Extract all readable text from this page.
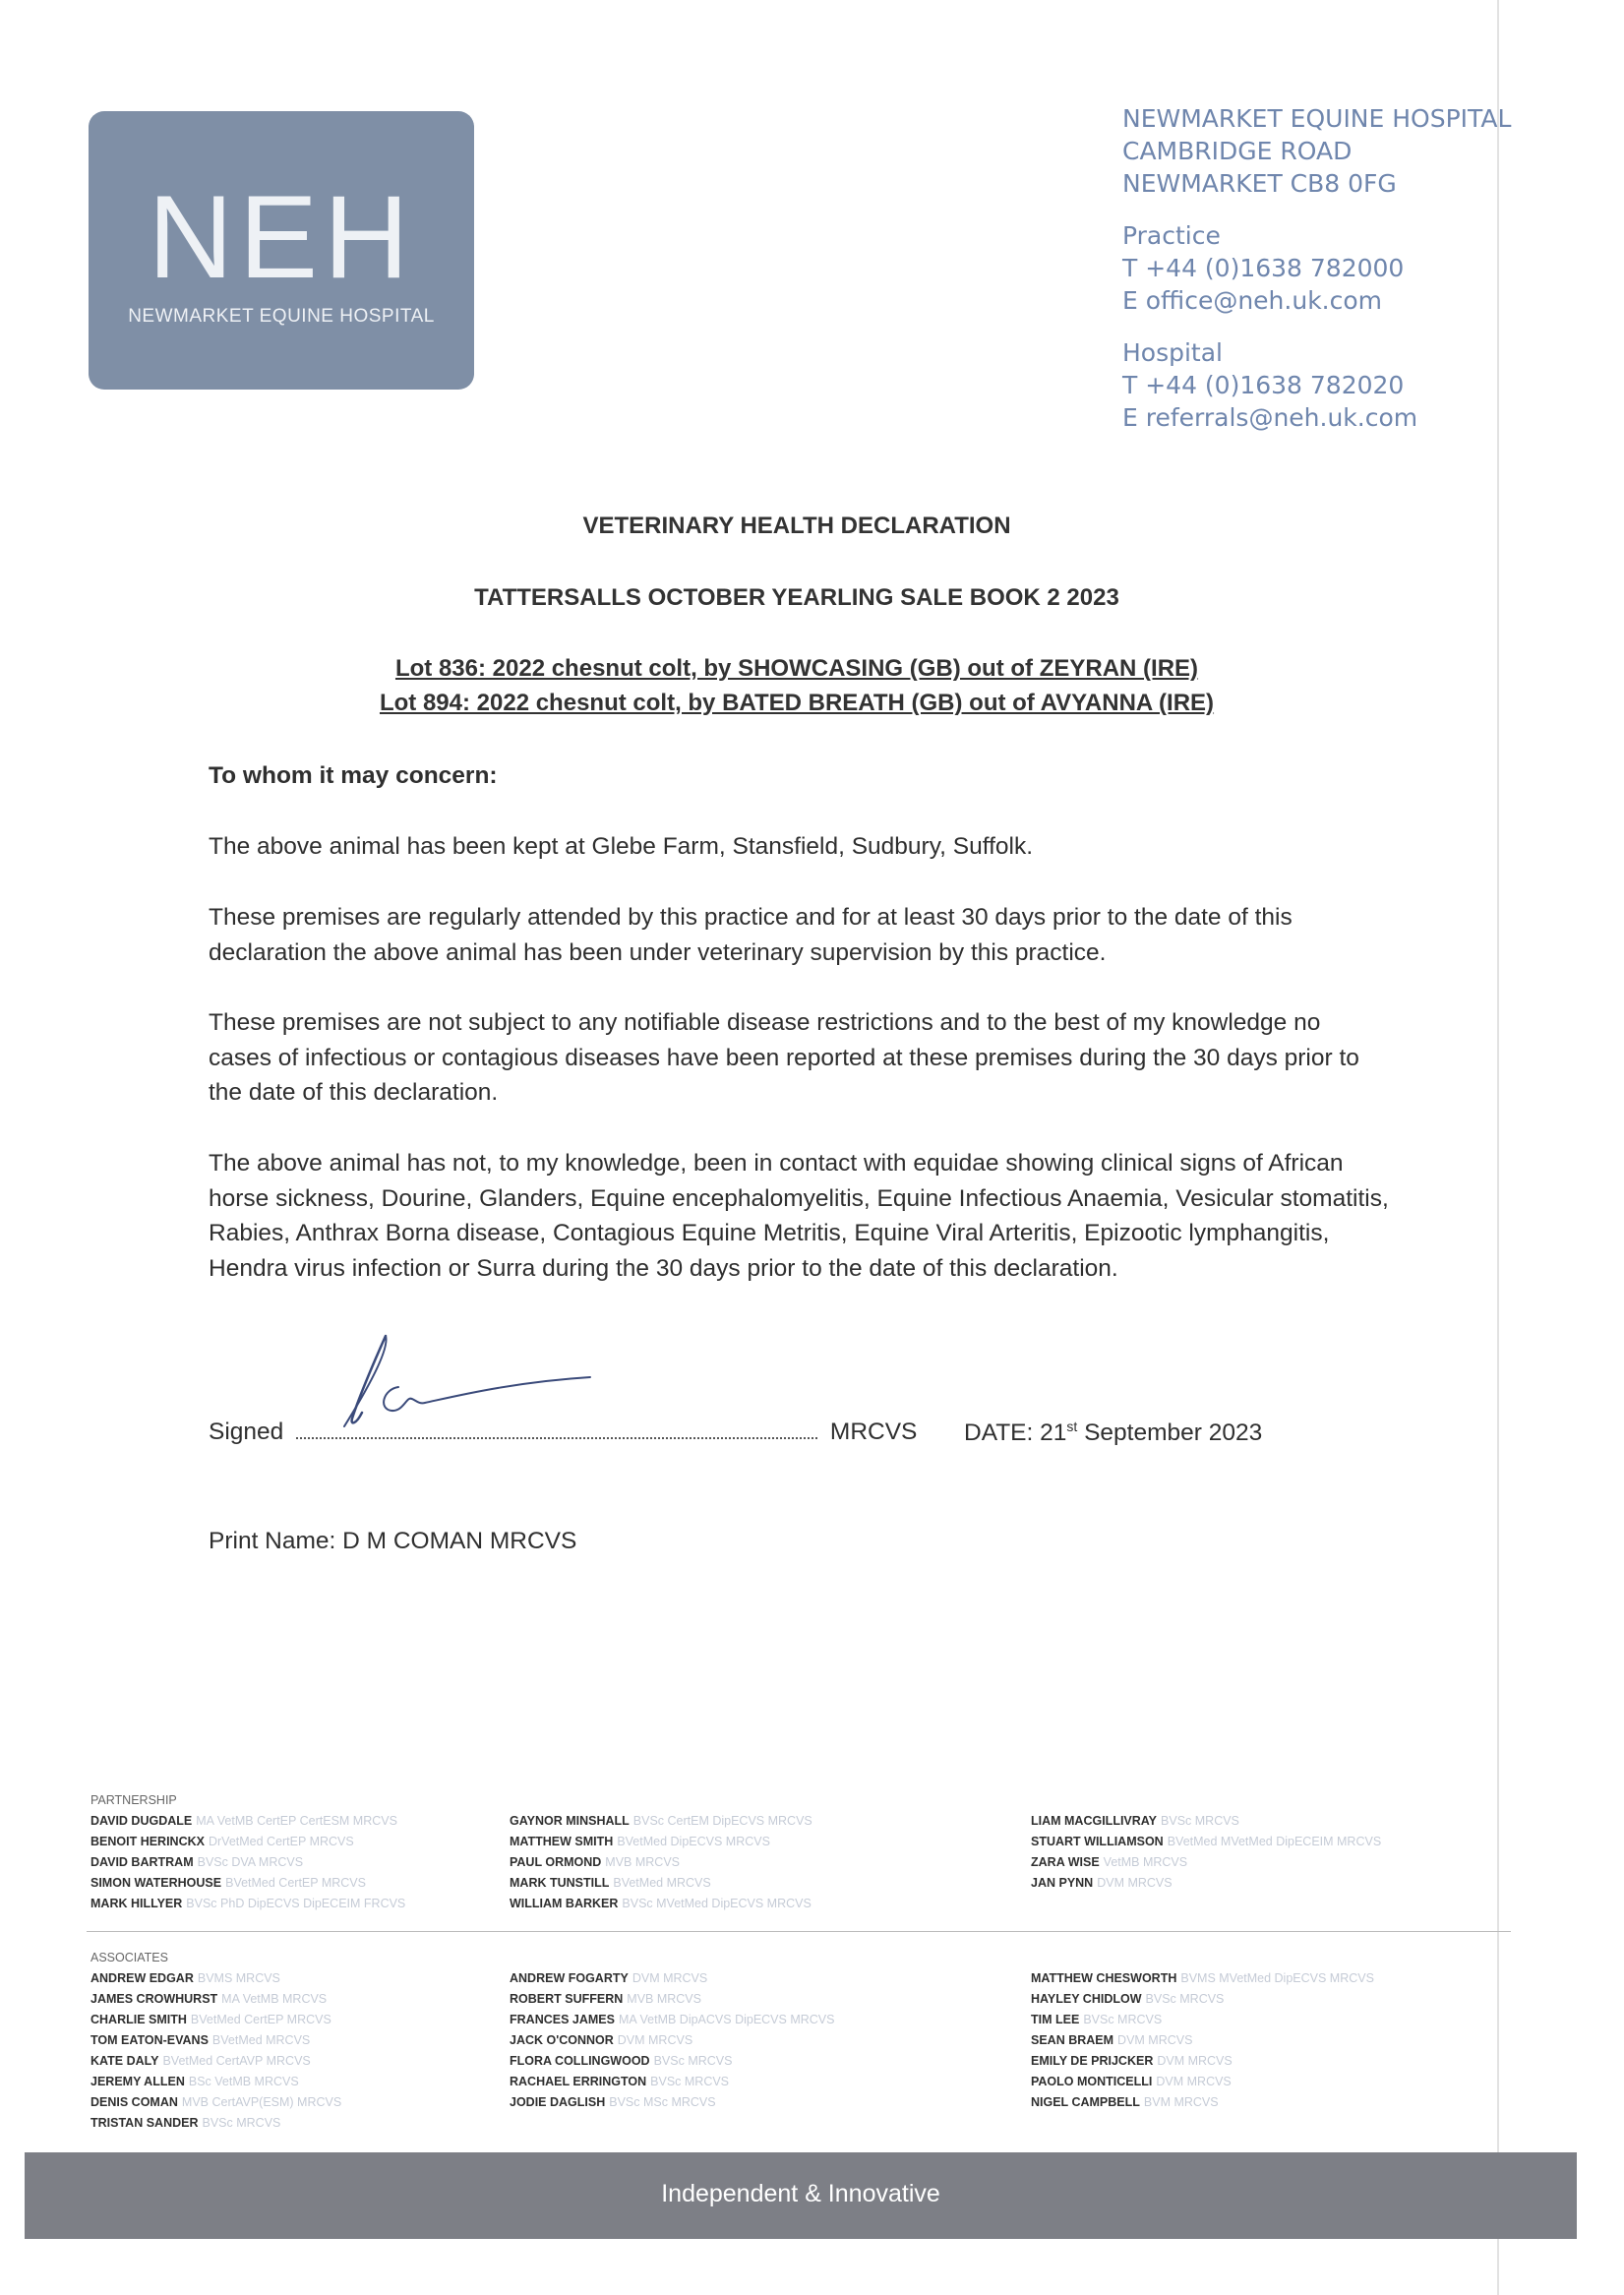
NEH
NEWMARKET EQUINE HOSPITAL
NEWMARKET EQUINE HOSPITAL
CAMBRIDGE ROAD
NEWMARKET CB8 0FG
Practice
T +44 (0)1638 782000
E office@neh.uk.com
Hospital
T +44 (0)1638 782020
E referrals@neh.uk.com
VETERINARY HEALTH DECLARATION
TATTERSALLS OCTOBER YEARLING SALE BOOK 2 2023
Lot 836: 2022 chesnut colt, by SHOWCASING (GB) out of ZEYRAN (IRE)
Lot 894: 2022 chesnut colt, by BATED BREATH (GB) out of AVYANNA (IRE)
To whom it may concern:
The above animal has been kept at Glebe Farm, Stansfield, Sudbury, Suffolk.
These premises are regularly attended by this practice and for at least 30 days prior to the date of this declaration the above animal has been under veterinary supervision by this practice.
These premises are not subject to any notifiable disease restrictions and to the best of my knowledge no cases of infectious or contagious diseases have been reported at these premises during the 30 days prior to the date of this declaration.
The above animal has not, to my knowledge, been in contact with equidae showing clinical signs of African horse sickness, Dourine, Glanders, Equine encephalomyelitis, Equine Infectious Anaemia, Vesicular stomatitis, Rabies, Anthrax Borna disease, Contagious Equine Metritis, Equine Viral Arteritis, Epizootic lymphangitis, Hendra virus infection or Surra during the 30 days prior to the date of this declaration.
Signed	MRCVS DATE: 21st September 2023
Print Name: D M COMAN MRCVS
PARTNERSHIP
DAVID DUGDALE MA VetMB CertEP CertESM MRCVS
BENOIT HERINCKX DrVetMed CertEP MRCVS
DAVID BARTRAM BVSc DVA MRCVS
SIMON WATERHOUSE BVetMed CertEP MRCVS
MARK HILLYER BVSc PhD DipECVS DipECEIM FRCVS
GAYNOR MINSHALL BVSc CertEM DipECVS MRCVS
MATTHEW SMITH BVetMed DipECVS MRCVS
PAUL ORMOND MVB MRCVS
MARK TUNSTILL BVetMed MRCVS
WILLIAM BARKER BVSc MVetMed DipECVS MRCVS
LIAM MACGILLIVRAY BVSc MRCVS
STUART WILLIAMSON BVetMed MVetMed DipECEIM MRCVS
ZARA WISE VetMB MRCVS
JAN PYNN DVM MRCVS
ASSOCIATES
ANDREW EDGAR BVMS MRCVS
JAMES CROWHURST MA VetMB MRCVS
CHARLIE SMITH BVetMed CertEP MRCVS
TOM EATON-EVANS BVetMed MRCVS
KATE DALY BVetMed CertAVP MRCVS
JEREMY ALLEN BSc VetMB MRCVS
DENIS COMAN MVB CertAVP(ESM) MRCVS
TRISTAN SANDER BVSc MRCVS
ANDREW FOGARTY DVM MRCVS
ROBERT SUFFERN MVB MRCVS
FRANCES JAMES MA VetMB DipACVS DipECVS MRCVS
JACK O'CONNOR DVM MRCVS
FLORA COLLINGWOOD BVSc MRCVS
RACHAEL ERRINGTON BVSc MRCVS
JODIE DAGLISH BVSc MSc MRCVS
MATTHEW CHESWORTH BVMS MVetMed DipECVS MRCVS
HAYLEY CHIDLOW BVSc MRCVS
TIM LEE BVSc MRCVS
SEAN BRAEM DVM MRCVS
EMILY DE PRIJCKER DVM MRCVS
PAOLO MONTICELLI DVM MRCVS
NIGEL CAMPBELL BVM MRCVS
Independent & Innovative
